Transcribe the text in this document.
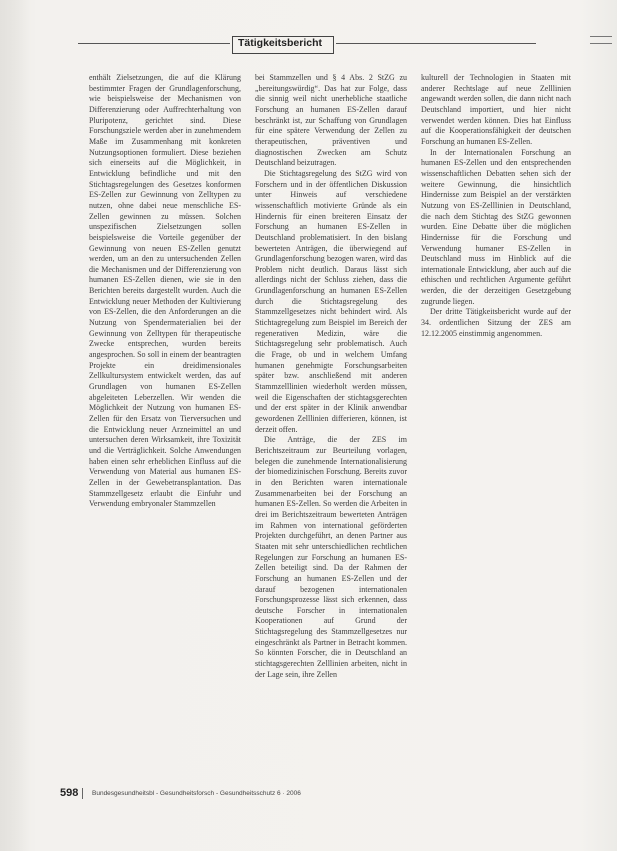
Tätigkeitsbericht

enthält Zielsetzungen, die auf die Klärung bestimmter Fragen der Grundlagenforschung, wie beispielsweise der Mechanismen von Differenzierung oder Auffrechterhaltung von Pluripotenz, gerichtet sind. Diese Forschungsziele werden aber in zunehmendem Maße im Zusammenhang mit konkreten Nutzungsoptionen formuliert. Diese beziehen sich einerseits auf die Möglichkeit, in Entwicklung befindliche und mit den Stichtagsregelungen des Gesetzes konformen ES-Zellen zur Gewinnung von Zelltypen zu nutzen, ohne dabei neue menschliche ES-Zellen gewinnen zu müssen. Solchen unspezifischen Zielsetzungen sollen beispielsweise die Vorteile gegenüber der Gewinnung von neuen ES-Zellen genutzt werden, um an den zu untersuchenden Zellen die Mechanismen und der Differenzierung von humanen ES-Zellen dienen, wie sie in den Berichten bereits dargestellt wurden. Auch die Entwicklung neuer Methoden der Kultivierung von ES-Zellen, die den Anforderungen an die Nutzung von Spendermaterialien bei der Gewinnung von Zelltypen für therapeutische Zwecke entsprechen, wurden bereits angesprochen. So soll in einem der beantragten Projekte ein dreidimensionales Zellkultursystem entwickelt werden, das auf Grundlagen von humanen ES-Zellen abgeleiteten Leberzellen. Wir wenden die Möglichkeit der Nutzung von humanen ES-Zellen für den Ersatz von Tierversuchen und die Entwicklung neuer Arzneimittel an und untersuchen deren Wirksamkeit, ihre Toxizität und die Verträglichkeit. Solche Anwendungen haben einen sehr erheblichen Einfluss auf die Verwendung von Material aus humanen ES-Zellen in der Gewebetransplantation. Das Stammzellgesetz erlaubt die Einfuhr und Verwendung embryonaler Stammzellen

bei Stammzellen und § 4 Abs. 2 StZG zu „bereitungswürdig“. Das hat zur Folge, dass die sinnig weil nicht unerhebliche staatliche Forschung an humanen ES-Zellen darauf beschränkt ist, zur Schaffung von Grundlagen für eine spätere Verwendung der Zellen zu therapeutischen, präventiven und diagnostischen Zwecken am Schutz Deutschland beizutragen.

Die Stichtagsregelung des StZG wird von Forschern und in der öffentlichen Diskussion unter Hinweis auf verschiedene wissenschaftlich motivierte Gründe als ein Hindernis für einen breiteren Einsatz der Forschung an humanen ES-Zellen in Deutschland problematisiert. In den bislang bewerteten Anträgen, die überwiegend auf Grundlagenforschung bezogen waren, wird das Problem nicht deutlich. Daraus lässt sich allerdings nicht der Schluss ziehen, dass die Grundlagenforschung an humanen ES-Zellen durch die Stichtagsregelung des Stammzellgesetzes nicht behindert wird. Als Stichtagregelung zum Beispiel im Bereich der regenerativen Medizin, wäre die Stichtagsregelung sehr problematisch. Auch die Frage, ob und in welchem Umfang humanen genehmigte Forschungsarbeiten später bzw. anschließend mit anderen Stammzelllinien wiederholt werden müssen, weil die Eigenschaften der stichtagsgerechten und der erst später in der Klinik anwendbar gewordenen Zelllinien differieren, können, ist derzeit offen.

Die Anträge, die der ZES im Berichtszeitraum zur Beurteilung vorlagen, belegen die zunehmende Internationalisierung der biomedizinischen Forschung. Bereits zuvor in den Berichten waren internationale Zusammenarbeiten bei der Forschung an humanen ES-Zellen. So werden die Arbeiten in drei im Berichtszeitraum bewerteten Anträgen im Rahmen von international geförderten Projekten durchgeführt, an denen Partner aus Staaten mit sehr unterschiedlichen rechtlichen Regelungen zur Forschung an humanen ES-Zellen beteiligt sind. Da der Rahmen der Forschung an humanen ES-Zellen und der darauf bezogenen internationalen Forschungsprozesse lässt sich erkennen, dass deutsche Forscher in internationalen Kooperationen auf Grund der Stichtagsregelung des Stammzellgesetzes nur eingeschränkt als Partner in Betracht kommen. So könnten Forscher, die in Deutschland an stichtagsgerechten Zelllinien arbeiten, nicht in der Lage sein, ihre Zellen

kulturell der Technologien in Staaten mit anderer Rechtslage auf neue Zelllinien angewandt werden sollen, die dann nicht nach Deutschland importiert, und hier nicht verwendet werden können. Dies hat Einfluss auf die Kooperationsfähigkeit der deutschen Forschung an humanen ES-Zellen.

In der Internationalen Forschung an humanen ES-Zellen und den entsprechenden wissenschaftlichen Debatten sehen sich der weitere Gewinnung, die hinsichtlich Hindernisse zum Beispiel an der verstärkten Nutzung von ES-Zelllinien in Deutschland, die nach dem Stichtag des StZG gewonnen wurden. Eine Debatte über die möglichen Hindernisse für die Forschung und Verwendung humaner ES-Zellen in Deutschland muss im Hinblick auf die internationale Entwicklung, aber auch auf die ethischen und rechtlichen Argumente geführt werden, die der derzeitigen Gesetzgebung zugrunde liegen.

Der dritte Tätigkeitsbericht wurde auf der 34. ordentlichen Sitzung der ZES am 12.12.2005 einstimmig angenommen.

598 Bundesgesundheitsbl - Gesundheitsforsch - Gesundheitsschutz 6 · 2006
